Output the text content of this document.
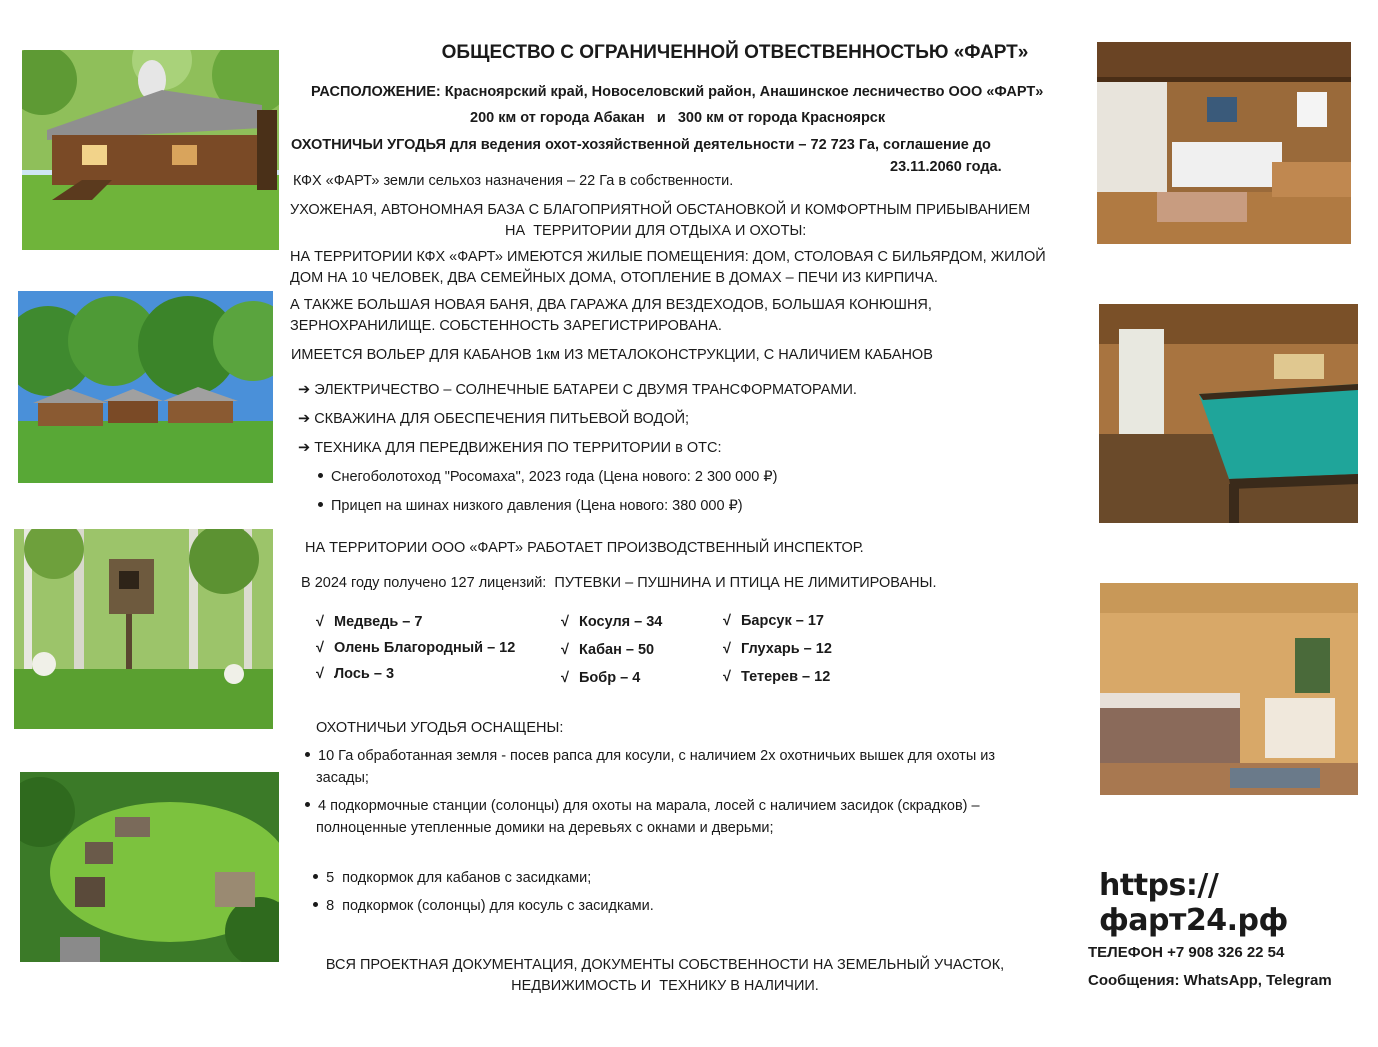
ОБЩЕСТВО С ОГРАНИЧЕННОЙ ОТВЕСТВЕННОСТЬЮ «ФАРТ»
РАСПОЛОЖЕНИЕ: Красноярский край, Новоселовский район, Анашинское лесничество ООО «ФАРТ»
200 км от города Абакан   и   300 км от города Красноярск
ОХОТНИЧЬИ УГОДЬЯ для ведения охот-хозяйственной деятельности – 72 723 Га, соглашение до
23.11.2060 года.
КФХ «ФАРТ» земли сельхоз назначения – 22 Га в собственности.
УХОЖЕНАЯ, АВТОНОМНАЯ БАЗА С БЛАГОПРИЯТНОЙ ОБСТАНОВКОЙ И КОМФОРТНЫМ ПРИБЫВАНИЕМ
НА  ТЕРРИТОРИИ ДЛЯ ОТДЫХА И ОХОТЫ:
НА ТЕРРИТОРИИ КФХ «ФАРТ» ИМЕЮТСЯ ЖИЛЫЕ ПОМЕЩЕНИЯ: ДОМ, СТОЛОВАЯ С БИЛЬЯРДОМ, ЖИЛОЙ
ДОМ НА 10 ЧЕЛОВЕК, ДВА СЕМЕЙНЫХ ДОМА, ОТОПЛЕНИЕ В ДОМАХ – ПЕЧИ ИЗ КИРПИЧА.
А ТАКЖЕ БОЛЬШАЯ НОВАЯ БАНЯ, ДВА ГАРАЖА ДЛЯ ВЕЗДЕХОДОВ, БОЛЬШАЯ КОНЮШНЯ,
ЗЕРНОХРАНИЛИЩЕ. СОБСТЕННОСТЬ ЗАРЕГИСТРИРОВАНА.
ИМЕЕТСЯ ВОЛЬЕР ДЛЯ КАБАНОВ 1км ИЗ МЕТАЛОКОНСТРУКЦИИ, С НАЛИЧИЕМ КАБАНОВ
➔ ЭЛЕКТРИЧЕСТВО – СОЛНЕЧНЫЕ БАТАРЕИ С ДВУМЯ ТРАНСФОРМАТОРАМИ.
➔ СКВАЖИНА ДЛЯ ОБЕСПЕЧЕНИЯ ПИТЬЕВОЙ ВОДОЙ;
➔ ТЕХНИКА ДЛЯ ПЕРЕДВИЖЕНИЯ ПО ТЕРРИТОРИИ в ОТС:
Снегоболотоход "Росомаха", 2023 года (Цена нового: 2 300 000 ₽)
Прицеп на шинах низкого давления (Цена нового: 380 000 ₽)
НА ТЕРРИТОРИИ ООО «ФАРТ» РАБОТАЕТ ПРОИЗВОДСТВЕННЫЙ ИНСПЕКТОР.
В 2024 году получено 127 лицензий:  ПУТЕВКИ – ПУШНИНА И ПТИЦА НЕ ЛИМИТИРОВАНЫ.
√ Медведь – 7
√ Олень Благородный – 12
√ Лось – 3
√ Косуля – 34
√ Кабан – 50
√ Бобр – 4
√ Барсук – 17
√ Глухарь – 12
√ Тетерев – 12
ОХОТНИЧЬИ УГОДЬЯ ОСНАЩЕНЫ:
10 Га обработанная земля - посев рапса для косули, с наличием 2х охотничьих вышек для охоты из
засады;
4 подкормочные станции (солонцы) для охоты на марала, лосей с наличием засидок (скрадков) –
полноценные утепленные домики на деревьях с окнами и дверьми;

5  подкормок для кабанов с засидками;

8  подкормок (солонцы) для косуль с засидками.

ВСЯ ПРОЕКТНАЯ ДОКУМЕНТАЦИЯ, ДОКУМЕНТЫ СОБСТВЕННОСТИ НА ЗЕМЕЛЬНЫЙ УЧАСТОК,
НЕДВИЖИМОСТЬ И  ТЕХНИКУ В НАЛИЧИИ.
https:// фарт24.рф
ТЕЛЕФОН +7 908 326 22 54
Сообщения: WhatsApp, Telegram
